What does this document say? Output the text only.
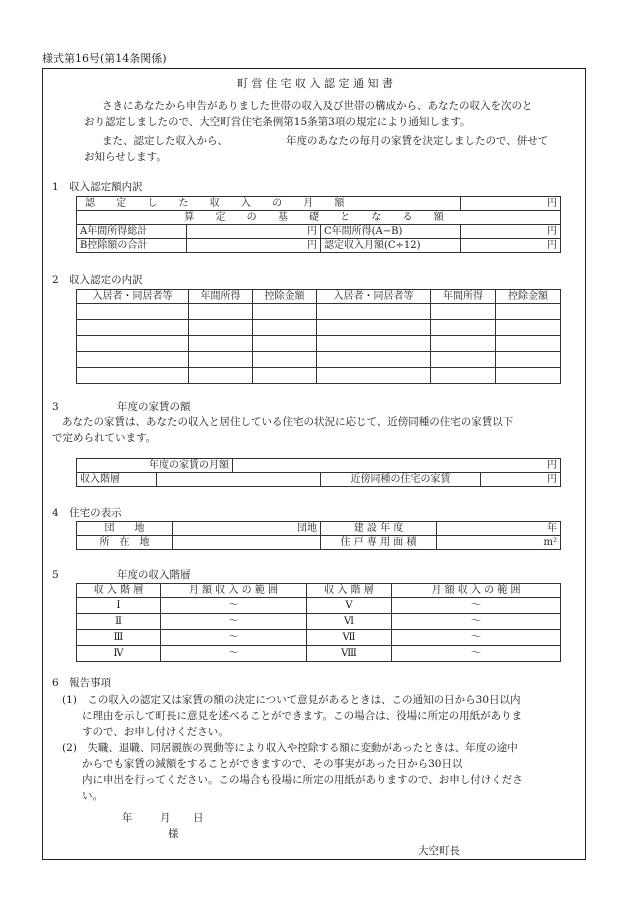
様式第16号(第14条関係)
町 営 住 宅 収 入 認 定 通 知 書
さきにあなたから申告がありました世帯の収入及び世帯の構成から、あなたの収入を次のと
おり認定しましたので、大空町営住宅条例第15条第3項の規定により通知します。
また、認定した収入から、	年度のあなたの毎月の家賃を決定しましたので、併せて
お知らせします。
1　収入認定額内訳
認 定 し た 収 入 の 月 額			円
算 定 の 基 礎 と な る 額			
A年間所得総計	円	C年間所得(A−B)	円
B控除額の合計	円	認定収入月額(C÷12)	円
2　収入認定の内訳
入居者・同居者等	年間所得	控除金額	入居者・同居者等	年間所得	控除金額

3	年度の家賃の額
あなたの家賃は、あなたの収入と居住している住宅の状況に応じて、近傍同種の住宅の家賃以下
で定められています。
年度の家賃の月額		円		
収入階層			近傍同種の住宅の家賃	円
4　住宅の表示
団　　地	団地	建 設 年 度	年
所　在　地		住 戸 専 用 面 積	m²
5	年度の収入階層
収 入 階 層	月 額 収 入 の 範 囲	収 入 階 層	月 額 収 入 の 範 囲
I	〜	Ⅴ	〜
Ⅱ	〜	Ⅵ	〜
Ⅲ	〜	Ⅶ	〜
Ⅳ	〜	Ⅷ	〜
6　報告事項
(1)　この収入の認定又は家賃の額の決定について意見があるときは、この通知の日から30日以内
に理由を示して町長に意見を述べることができます。この場合は、役場に所定の用紙がありま
すので、お申し付けください。
(2)　失職、退職、同居親族の異動等により収入や控除する額に変動があったときは、年度の途中
からでも家賃の減額をすることができますので、その事実があった日から30日以
内に申出を行ってください。この場合も役場に所定の用紙がありますので、お申し付けくださ
い。
年	月 日
様
大空町長
